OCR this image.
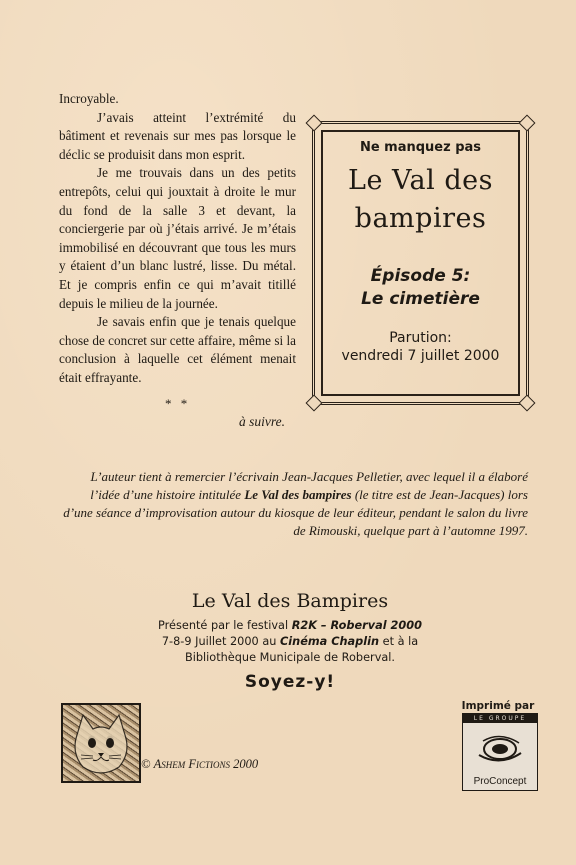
Incroyable.

J’avais atteint l’extrémité du bâtiment et revenais sur mes pas lorsque le déclic se produisit dans mon esprit.

Je me trouvais dans un des petits entrepôts, celui qui jouxtait à droite le mur du fond de la salle 3 et devant, la conciergerie par où j’étais arrivé. Je m’étais immobilisé en découvrant que tous les murs y étaient d’un blanc lustré, lisse. Du métal. Et je compris enfin ce qui m’avait titillé depuis le milieu de la journée.

Je savais enfin que je tenais quelque chose de concret sur cette affaire, même si la conclusion à laquelle cet élément menait était effrayante.

* *
à suivre.
Ne manquez pas
Le Val des
bampires
Épisode 5:
Le cimetière
Parution:
vendredi 7 juillet 2000
L’auteur tient à remercier l’écrivain Jean-Jacques Pelletier, avec lequel il a élaboré l’idée d’une histoire intitulée Le Val des bampires (le titre est de Jean-Jacques) lors d’une séance d’improvisation autour du kiosque de leur éditeur, pendant le salon du livre de Rimouski, quelque part à l’automne 1997.
Le Val des Bampires
Présenté par le festival R2K – Roberval 2000
7-8-9 Juillet 2000 au Cinéma Chaplin et à la
Bibliothèque Municipale de Roberval.
Soyez-y!
© Ashem Fictions 2000
Imprimé par
LE GROUPE
ProConcept
